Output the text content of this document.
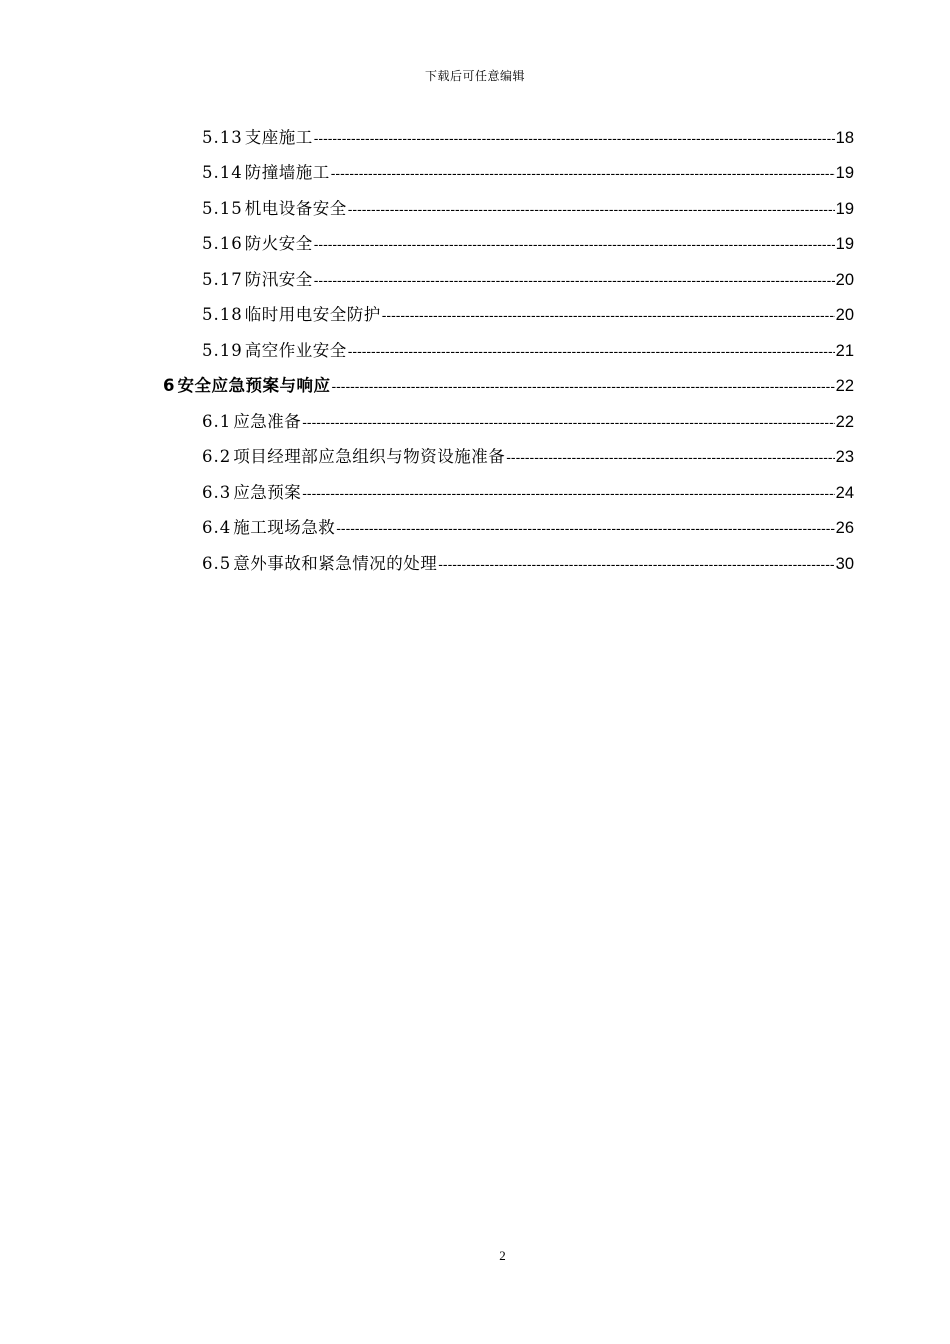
下载后可任意编辑
5.13 支座施工 -----	18
5.14 防撞墙施工 -----	19
5.15 机电设备安全 -----	19
5.16 防火安全 -----	19
5.17 防汛安全 -----	20
5.18 临时用电安全防护 -----	20
5.19 高空作业安全 -----	21
6 安全应急预案与响应 -----	22
6.1 应急准备 -----	22
6.2 项目经理部应急组织与物资设施准备 -----	23
6.3 应急预案 -----	24
6.4 施工现场急救 -----	26
6.5 意外事故和紧急情况的处理 -----	30
2
